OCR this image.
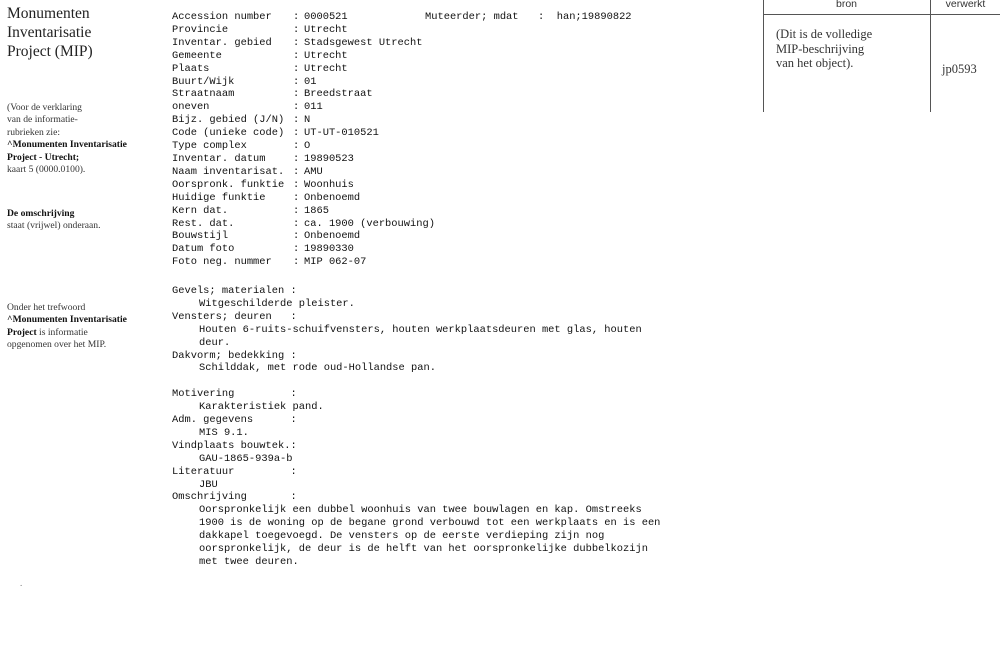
Monumenten
Inventarisatie
Project (MIP)
(Voor de verklaring
van de informatie-
rubrieken zie:
^Monumenten Inventarisatie
Project - Utrecht;
kaart 5 (0000.0100).
De omschrijving
staat (vrijwel) onderaan.
Onder het trefwoord
^Monumenten Inventarisatie
Project is informatie
opgenomen over het MIP.
.
Accession number	: 0000521
Provincie	: Utrecht
Inventar. gebied	: Stadsgewest Utrecht
Gemeente	: Utrecht
Plaats	: Utrecht
Buurt/Wijk	: 01
Straatnaam	: Breedstraat
oneven	: 011
Bijz. gebied (J/N) : N
Code (unieke code) : UT-UT-010521
Type complex	: O
Inventar. datum	: 19890523
Naam inventarisat. : AMU
Oorspronk. funktie : Woonhuis
Huidige funktie	: Onbenoemd
Kern dat.	: 1865
Rest. dat.	: ca. 1900 (verbouwing)
Bouwstijl	: Onbenoemd
Datum foto	: 19890330
Foto neg. nummer	: MIP 062-07
Muteerder; mdat :  han;19890822
Gevels; materialen :
Witgeschilderde pleister.
Vensters; deuren   :
Houten 6-ruits-schuifvensters, houten werkplaatsdeuren met glas, houten
deur.
Dakvorm; bedekking :
Schilddak, met rode oud-Hollandse pan.
Motivering         :
Karakteristiek pand.
Adm. gegevens      :
MIS 9.1.
Vindplaats bouwtek.:
GAU-1865-939a-b
Literatuur         :
JBU
Omschrijving       :
Oorspronkelijk een dubbel woonhuis van twee bouwlagen en kap. Omstreeks
1900 is de woning op de begane grond verbouwd tot een werkplaats en is een
dakkapel toegevoegd. De vensters op de eerste verdieping zijn nog
oorspronkelijk, de deur is de helft van het oorspronkelijke dubbelkozijn
met twee deuren.
bron	verwerkt
(Dit is de volledige
MIP-beschrijving
van het object).	jp0593
